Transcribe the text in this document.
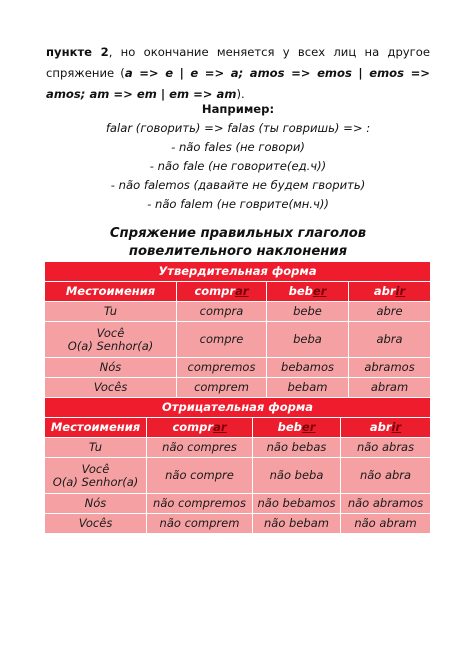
пункте 2, но окончание меняется у всех лиц на другое спряжение (a => e | e => a; amos => emos | emos => amos; am => em | em => am).
Например:
falar (говорить) => falas (ты говришь) => :
- não fales (не говори)
- não fale (не говорите(ед.ч))
- não falemos (давайте не будем гворить)
- não falem (не говрите(мн.ч))
Спряжение правильных глаголов
повелительного наклонения
Утвердительная форма			
Местоимения	comprar	beber	abrir
Tu	compra	bebe	abre

Você
O(a) Senhor(a)	compre	beba	abra
Nós	compremos	bebamos	abramos
Vocês	comprem	bebam	abram
Отрицательная форма			
Местоимения	comprar	beber	abrir
Tu	não compres	não bebas	não abras

Você
O(a) Senhor(a)	não compre	não beba	não abra
Nós	não compremos	não bebamos	não abramos
Vocês	não comprem	não bebam	não abram
